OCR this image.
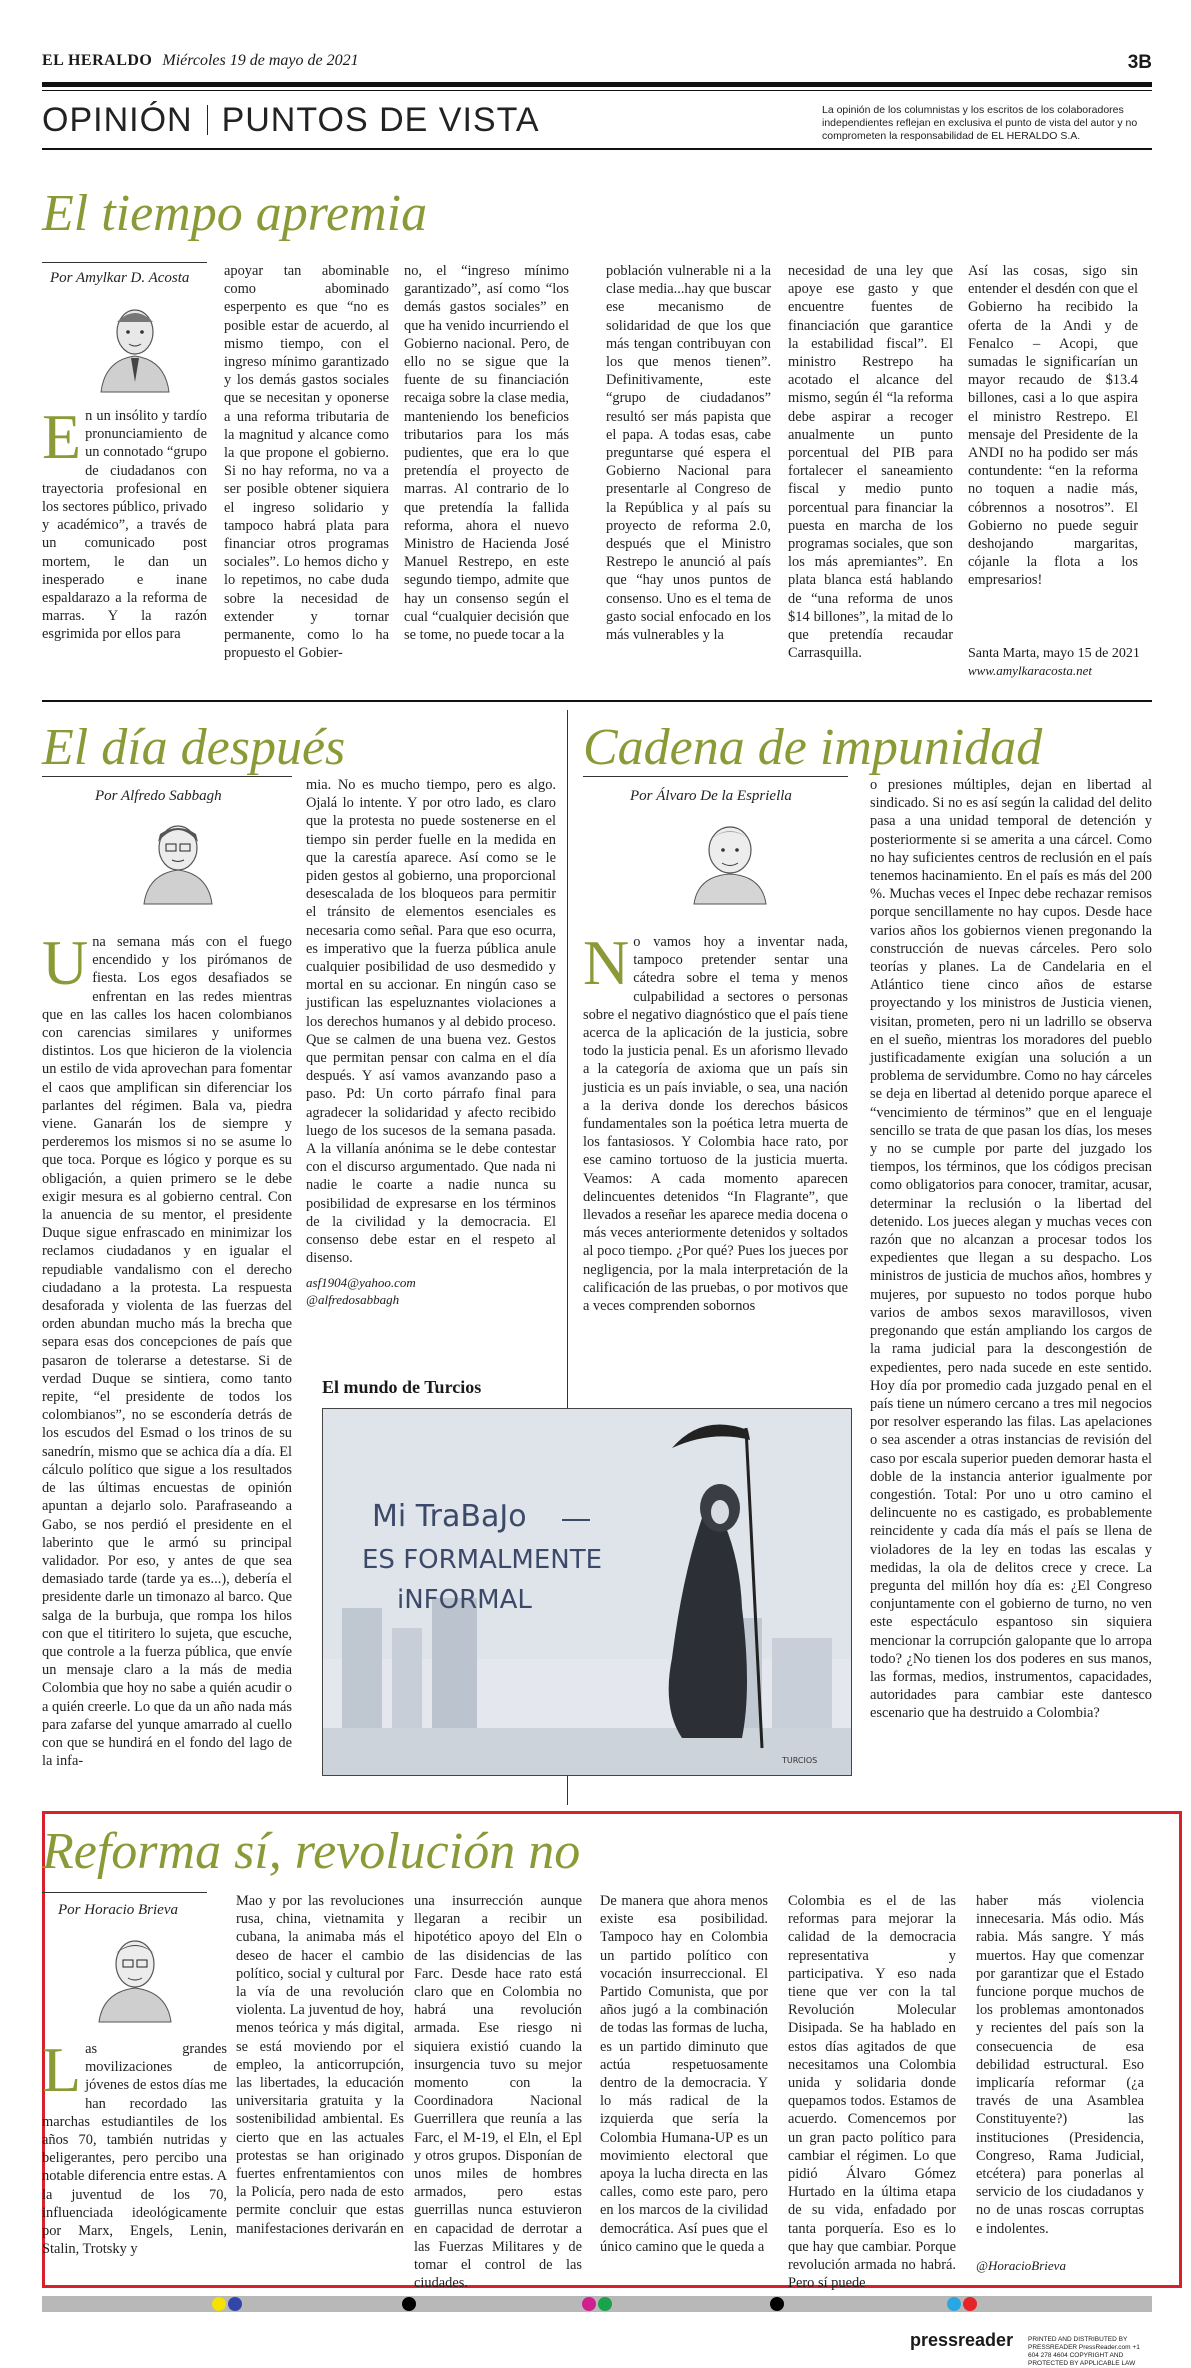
EL HERALDO Miércoles 19 de mayo de 2021	3B
OPINIÓN PUNTOS DE VISTA	La opinión de los columnistas y los escritos de los colaboradores independientes reflejan en exclusiva el punto de vista del autor y no comprometen la responsabilidad de EL HERALDO S.A.
El tiempo apremia
Por Amylkar D. Acosta
En un insólito y tardío pronunciamiento de un connotado “grupo de ciudadanos con trayectoria profesional en los sectores público, privado y académico”, a través de un comunicado post mortem, le dan un inesperado e inane espaldarazo a la reforma de marras. Y la razón esgrimida por ellos para
apoyar tan abominable como abominado esperpento es que “no es posible estar de acuerdo, al mismo tiempo, con el ingreso mínimo garantizado y los demás gastos sociales que se necesitan y oponerse a una reforma tributaria de la magnitud y alcance como la que propone el gobierno. Si no hay reforma, no va a ser posible obtener siquiera el ingreso solidario y tampoco habrá plata para financiar otros programas sociales”. Lo hemos dicho y lo repetimos, no cabe duda sobre la necesidad de extender y tornar permanente, como lo ha propuesto el Gobier-
no, el “ingreso mínimo garantizado”, así como “los demás gastos sociales” en que ha venido incurriendo el Gobierno nacional. Pero, de ello no se sigue que la fuente de su financiación recaiga sobre la clase media, manteniendo los beneficios tributarios para los más pudientes, que era lo que pretendía el proyecto de marras. Al contrario de lo que pretendía la fallida reforma, ahora el nuevo Ministro de Hacienda José Manuel Restrepo, en este segundo tiempo, admite que hay un consenso según el cual “cualquier decisión que se tome, no puede tocar a la
población vulnerable ni a la clase media...hay que buscar ese mecanismo de solidaridad de que los que más tengan contribuyan con los que menos tienen”. Definitivamente, este “grupo de ciudadanos” resultó ser más papista que el papa. A todas esas, cabe preguntarse qué espera el Gobierno Nacional para presentarle al Congreso de la República y al país su proyecto de reforma 2.0, después que el Ministro Restrepo le anunció al país que “hay unos puntos de consenso. Uno es el tema de gasto social enfocado en los más vulnerables y la
necesidad de una ley que apoye ese gasto y que encuentre fuentes de financiación que garantice la estabilidad fiscal”. El ministro Restrepo ha acotado el alcance del mismo, según él “la reforma debe aspirar a recoger anualmente un punto porcentual del PIB para fortalecer el saneamiento fiscal y medio punto porcentual para financiar la puesta en marcha de los programas sociales, que son los más apremiantes”. En plata blanca está hablando de “una reforma de unos $14 billones”, la mitad de lo que pretendía recaudar Carrasquilla.
Así las cosas, sigo sin entender el desdén con que el Gobierno ha recibido la oferta de la Andi y de Fenalco – Acopi, que sumadas le significarían un mayor recaudo de $13.4 billones, casi a lo que aspira el ministro Restrepo. El mensaje del Presidente de la ANDI no ha podido ser más contundente: “en la reforma no toquen a nadie más, cóbrennos a nosotros”. El Gobierno no puede seguir deshojando margaritas, cójanle la flota a los empresarios!
Santa Marta, mayo 15 de 2021
www.amylkaracosta.net
El día después
Por Alfredo Sabbagh
Una semana más con el fuego encendido y los pirómanos de fiesta. Los egos desafiados se enfrentan en las redes mientras que en las calles los hacen colombianos con carencias similares y uniformes distintos. Los que hicieron de la violencia un estilo de vida aprovechan para fomentar el caos que amplifican sin diferenciar los parlantes del régimen. Bala va, piedra viene. Ganarán los de siempre y perderemos los mismos si no se asume lo que toca. Porque es lógico y porque es su obligación, a quien primero se le debe exigir mesura es al gobierno central. Con la anuencia de su mentor, el presidente Duque sigue enfrascado en minimizar los reclamos ciudadanos y en igualar el repudiable vandalismo con el derecho ciudadano a la protesta. La respuesta desaforada y violenta de las fuerzas del orden abundan mucho más la brecha que separa esas dos concepciones de país que pasaron de tolerarse a detestarse. Si de verdad Duque se sintiera, como tanto repite, “el presidente de todos los colombianos”, no se escondería detrás de los escudos del Esmad o los trinos de su sanedrín, mismo que se achica día a día. El cálculo político que sigue a los resultados de las últimas encuestas de opinión apuntan a dejarlo solo. Parafraseando a Gabo, se nos perdió el presidente en el laberinto que le armó su principal validador. Por eso, y antes de que sea demasiado tarde (tarde ya es...), debería el presidente darle un timonazo al barco. Que salga de la burbuja, que rompa los hilos con que el titiritero lo sujeta, que escuche, que controle a la fuerza pública, que envíe un mensaje claro a la más de media Colombia que hoy no sabe a quién acudir o a quién creerle. Lo que da un año nada más para zafarse del yunque amarrado al cuello con que se hundirá en el fondo del lago de la infa-
mia. No es mucho tiempo, pero es algo. Ojalá lo intente. Y por otro lado, es claro que la protesta no puede sostenerse en el tiempo sin perder fuelle en la medida en que la carestía aparece. Así como se le piden gestos al gobierno, una proporcional desescalada de los bloqueos para permitir el tránsito de elementos esenciales es necesaria como señal. Para que eso ocurra, es imperativo que la fuerza pública anule cualquier posibilidad de uso desmedido y mortal en su accionar. En ningún caso se justifican las espeluznantes violaciones a los derechos humanos y al debido proceso. Que se calmen de una buena vez. Gestos que permitan pensar con calma en el día después. Y así vamos avanzando paso a paso. Pd: Un corto párrafo final para agradecer la solidaridad y afecto recibido luego de los sucesos de la semana pasada. A la villanía anónima se le debe contestar con el discurso argumentado. Que nada ni nadie le coarte a nadie nunca su posibilidad de expresarse en los términos de la civilidad y la democracia. El consenso debe estar en el respeto al disenso.
asf1904@yahoo.com
@alfredosabbagh
Cadena de impunidad
Por Álvaro De la Espriella
No vamos hoy a inventar nada, tampoco pretender sentar una cátedra sobre el tema y menos culpabilidad a sectores o personas sobre el negativo diagnóstico que el país tiene acerca de la aplicación de la justicia, sobre todo la justicia penal. Es un aforismo llevado a la categoría de axioma que un país sin justicia es un país inviable, o sea, una nación a la deriva donde los derechos básicos fundamentales son la poética letra muerta de los fantasiosos. Y Colombia hace rato, por ese camino tortuoso de la justicia muerta. Veamos: A cada momento aparecen delincuentes detenidos “In Flagrante”, que llevados a reseñar les aparece media docena o más veces anteriormente detenidos y soltados al poco tiempo. ¿Por qué? Pues los jueces por negligencia, por la mala interpretación de la calificación de las pruebas, o por motivos que a veces comprenden sobornos
o presiones múltiples, dejan en libertad al sindicado. Si no es así según la calidad del delito pasa a una unidad temporal de detención y posteriormente si se amerita a una cárcel. Como no hay suficientes centros de reclusión en el país tenemos hacinamiento. En el país es más del 200 %. Muchas veces el Inpec debe rechazar remisos porque sencillamente no hay cupos. Desde hace varios años los gobiernos vienen pregonando la construcción de nuevas cárceles. Pero solo teorías y planes. La de Candelaria en el Atlántico tiene cinco años de estarse proyectando y los ministros de Justicia vienen, visitan, prometen, pero ni un ladrillo se observa en el sueño, mientras los moradores del pueblo justificadamente exigían una solución a un problema de servidumbre. Como no hay cárceles se deja en libertad al detenido porque aparece el “vencimiento de términos” que en el lenguaje sencillo se trata de que pasan los días, los meses y no se cumple por parte del juzgado los tiempos, los términos, que los códigos precisan como obligatorios para conocer, tramitar, acusar, determinar la reclusión o la libertad del detenido. Los jueces alegan y muchas veces con razón que no alcanzan a procesar todos los expedientes que llegan a su despacho. Los ministros de justicia de muchos años, hombres y mujeres, por supuesto no todos porque hubo varios de ambos sexos maravillosos, viven pregonando que están ampliando los cargos de la rama judicial para la descongestión de expedientes, pero nada sucede en este sentido. Hoy día por promedio cada juzgado penal en el país tiene un número cercano a tres mil negocios por resolver esperando las filas. Las apelaciones o sea ascender a otras instancias de revisión del caso por escala superior pueden demorar hasta el doble de la instancia anterior igualmente por congestión. Total: Por uno u otro camino el delincuente no es castigado, es probablemente reincidente y cada día más el país se llena de violadores de la ley en todas las escalas y medidas, la ola de delitos crece y crece. La pregunta del millón hoy día es: ¿El Congreso conjuntamente con el gobierno de turno, no ven este espectáculo espantoso sin siquiera mencionar la corrupción galopante que lo arropa todo? ¿No tienen los dos poderes en sus manos, las formas, medios, instrumentos, capacidades, autoridades para cambiar este dantesco escenario que ha destruido a Colombia?
El mundo de Turcios
Mi TraBaJo
ES FORMALMENTE
iNFORMAL
TURCIOS
Reforma sí, revolución no
Por Horacio Brieva
Las grandes movilizaciones de jóvenes de estos días me han recordado las marchas estudiantiles de los años 70, también nutridas y beligerantes, pero percibo una notable diferencia entre estas. A la juventud de los 70, influenciada ideológicamente por Marx, Engels, Lenin, Stalin, Trotsky y
Mao y por las revoluciones rusa, china, vietnamita y cubana, la animaba más el deseo de hacer el cambio político, social y cultural por la vía de una revolución violenta. La juventud de hoy, menos teórica y más digital, se está moviendo por el empleo, la anticorrupción, las libertades, la educación universitaria gratuita y la sostenibilidad ambiental. Es cierto que en las actuales protestas se han originado fuertes enfrentamientos con la Policía, pero nada de esto permite concluir que estas manifestaciones derivarán en
una insurrección aunque llegaran a recibir un hipotético apoyo del Eln o de las disidencias de las Farc. Desde hace rato está claro que en Colombia no habrá una revolución armada. Ese riesgo ni siquiera existió cuando la insurgencia tuvo su mejor momento con la Coordinadora Nacional Guerrillera que reunía a las Farc, el M-19, el Eln, el Epl y otros grupos. Disponían de unos miles de hombres armados, pero estas guerrillas nunca estuvieron en capacidad de derrotar a las Fuerzas Militares y de tomar el control de las ciudades.
De manera que ahora menos existe esa posibilidad. Tampoco hay en Colombia un partido político con vocación insurreccional. El Partido Comunista, que por años jugó a la combinación de todas las formas de lucha, es un partido diminuto que actúa respetuosamente dentro de la democracia. Y lo más radical de la izquierda que sería la Colombia Humana-UP es un movimiento electoral que apoya la lucha directa en las calles, como este paro, pero en los marcos de la civilidad democrática. Así pues que el único camino que le queda a
Colombia es el de las reformas para mejorar la calidad de la democracia representativa y participativa. Y eso nada tiene que ver con la tal Revolución Molecular Disipada. Se ha hablado en estos días agitados de que necesitamos una Colombia unida y solidaria donde quepamos todos. Estamos de acuerdo. Comencemos por un gran pacto político para cambiar el régimen. Lo que pidió Álvaro Gómez Hurtado en la última etapa de su vida, enfadado por tanta porquería. Eso es lo que hay que cambiar. Porque revolución armada no habrá. Pero sí puede
haber más violencia innecesaria. Más odio. Más rabia. Más sangre. Y más muertos. Hay que comenzar por garantizar que el Estado funcione porque muchos de los problemas amontonados y recientes del país son la consecuencia de esa debilidad estructural. Eso implicaría reformar (¿a través de una Asamblea Constituyente?) las instituciones (Presidencia, Congreso, Rama Judicial, etcétera) para ponerlas al servicio de los ciudadanos y no de unas roscas corruptas e indolentes.
@HoracioBrieva
pressreader PRINTED AND DISTRIBUTED BY PRESSREADER PressReader.com +1 604 278 4604 COPYRIGHT AND PROTECTED BY APPLICABLE LAW
